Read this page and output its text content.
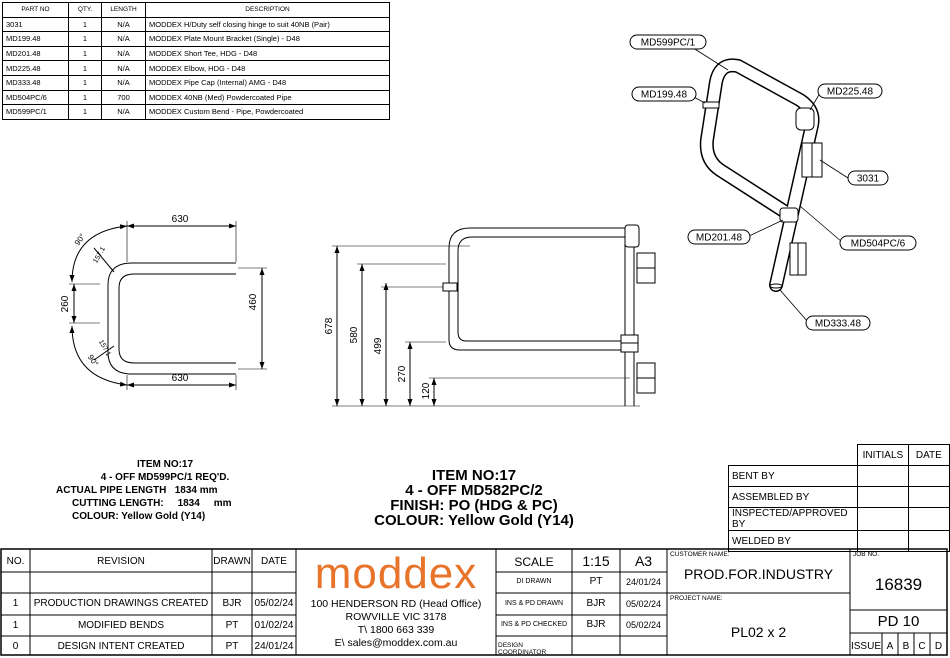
PART NO	QTY.	LENGTH	DESCRIPTION
3031	1	N/A	MODDEX H/Duty self closing hinge to suit 40NB (Pair)
MD199.48	1	N/A	MODDEX Plate Mount Bracket (Single) - D48
MD201.48	1	N/A	MODDEX Short Tee, HDG - D48
MD225.48	1	N/A	MODDEX Elbow, HDG - D48
MD333.48	1	N/A	MODDEX Pipe Cap (Internal) AMG - D48
MD504PC/6	1	700	MODDEX 40NB (Med) Powdercoated Pipe
MD599PC/1	1	N/A	MODDEX Custom Bend - Pipe, Powdercoated
MD599PC/1
MD199.48	MD225.48
3031
MD201.48
MD504PC/6
MD333.48
630
630
260	460
90°
90°
157.1
157.1
678
580
499
270
120
ITEM NO:17
4 - OFF MD599PC/1 REQ'D.
ACTUAL PIPE LENGTH 1834 mm
CUTTING LENGTH: 1834 mm
COLOUR: Yellow Gold (Y14)
ITEM NO:17
4 - OFF MD582PC/2
FINISH: PO (HDG & PC)
COLOUR: Yellow Gold (Y14)
	INITIALS	DATE
BENT BY		
ASSEMBLED BY		
INSPECTED/APPROVED BY		
WELDED BY		
NO.	REVISION	DRAWN	DATE
1	PRODUCTION DRAWINGS CREATED	BJR	05/02/24
1	MODIFIED BENDS	PT	01/02/24
0	DESIGN INTENT CREATED	PT	24/01/24
moddex
100 HENDERSON RD (Head Office)
ROWVILLE VIC 3178
T\ 1800 663 339
E\ sales@moddex.com.au
SCALE	1:15	A3
DI DRAWN	PT	24/01/24
INS & PD DRAWN	BJR	05/02/24
INS & PD CHECKED	BJR	05/02/24
DESIGN COORDINATOR
CUSTOMER NAME:
PROD.FOR.INDUSTRY
PROJECT NAME:
PL02 x 2
JOB NO.
16839
PD 10
ISSUE A B C D
